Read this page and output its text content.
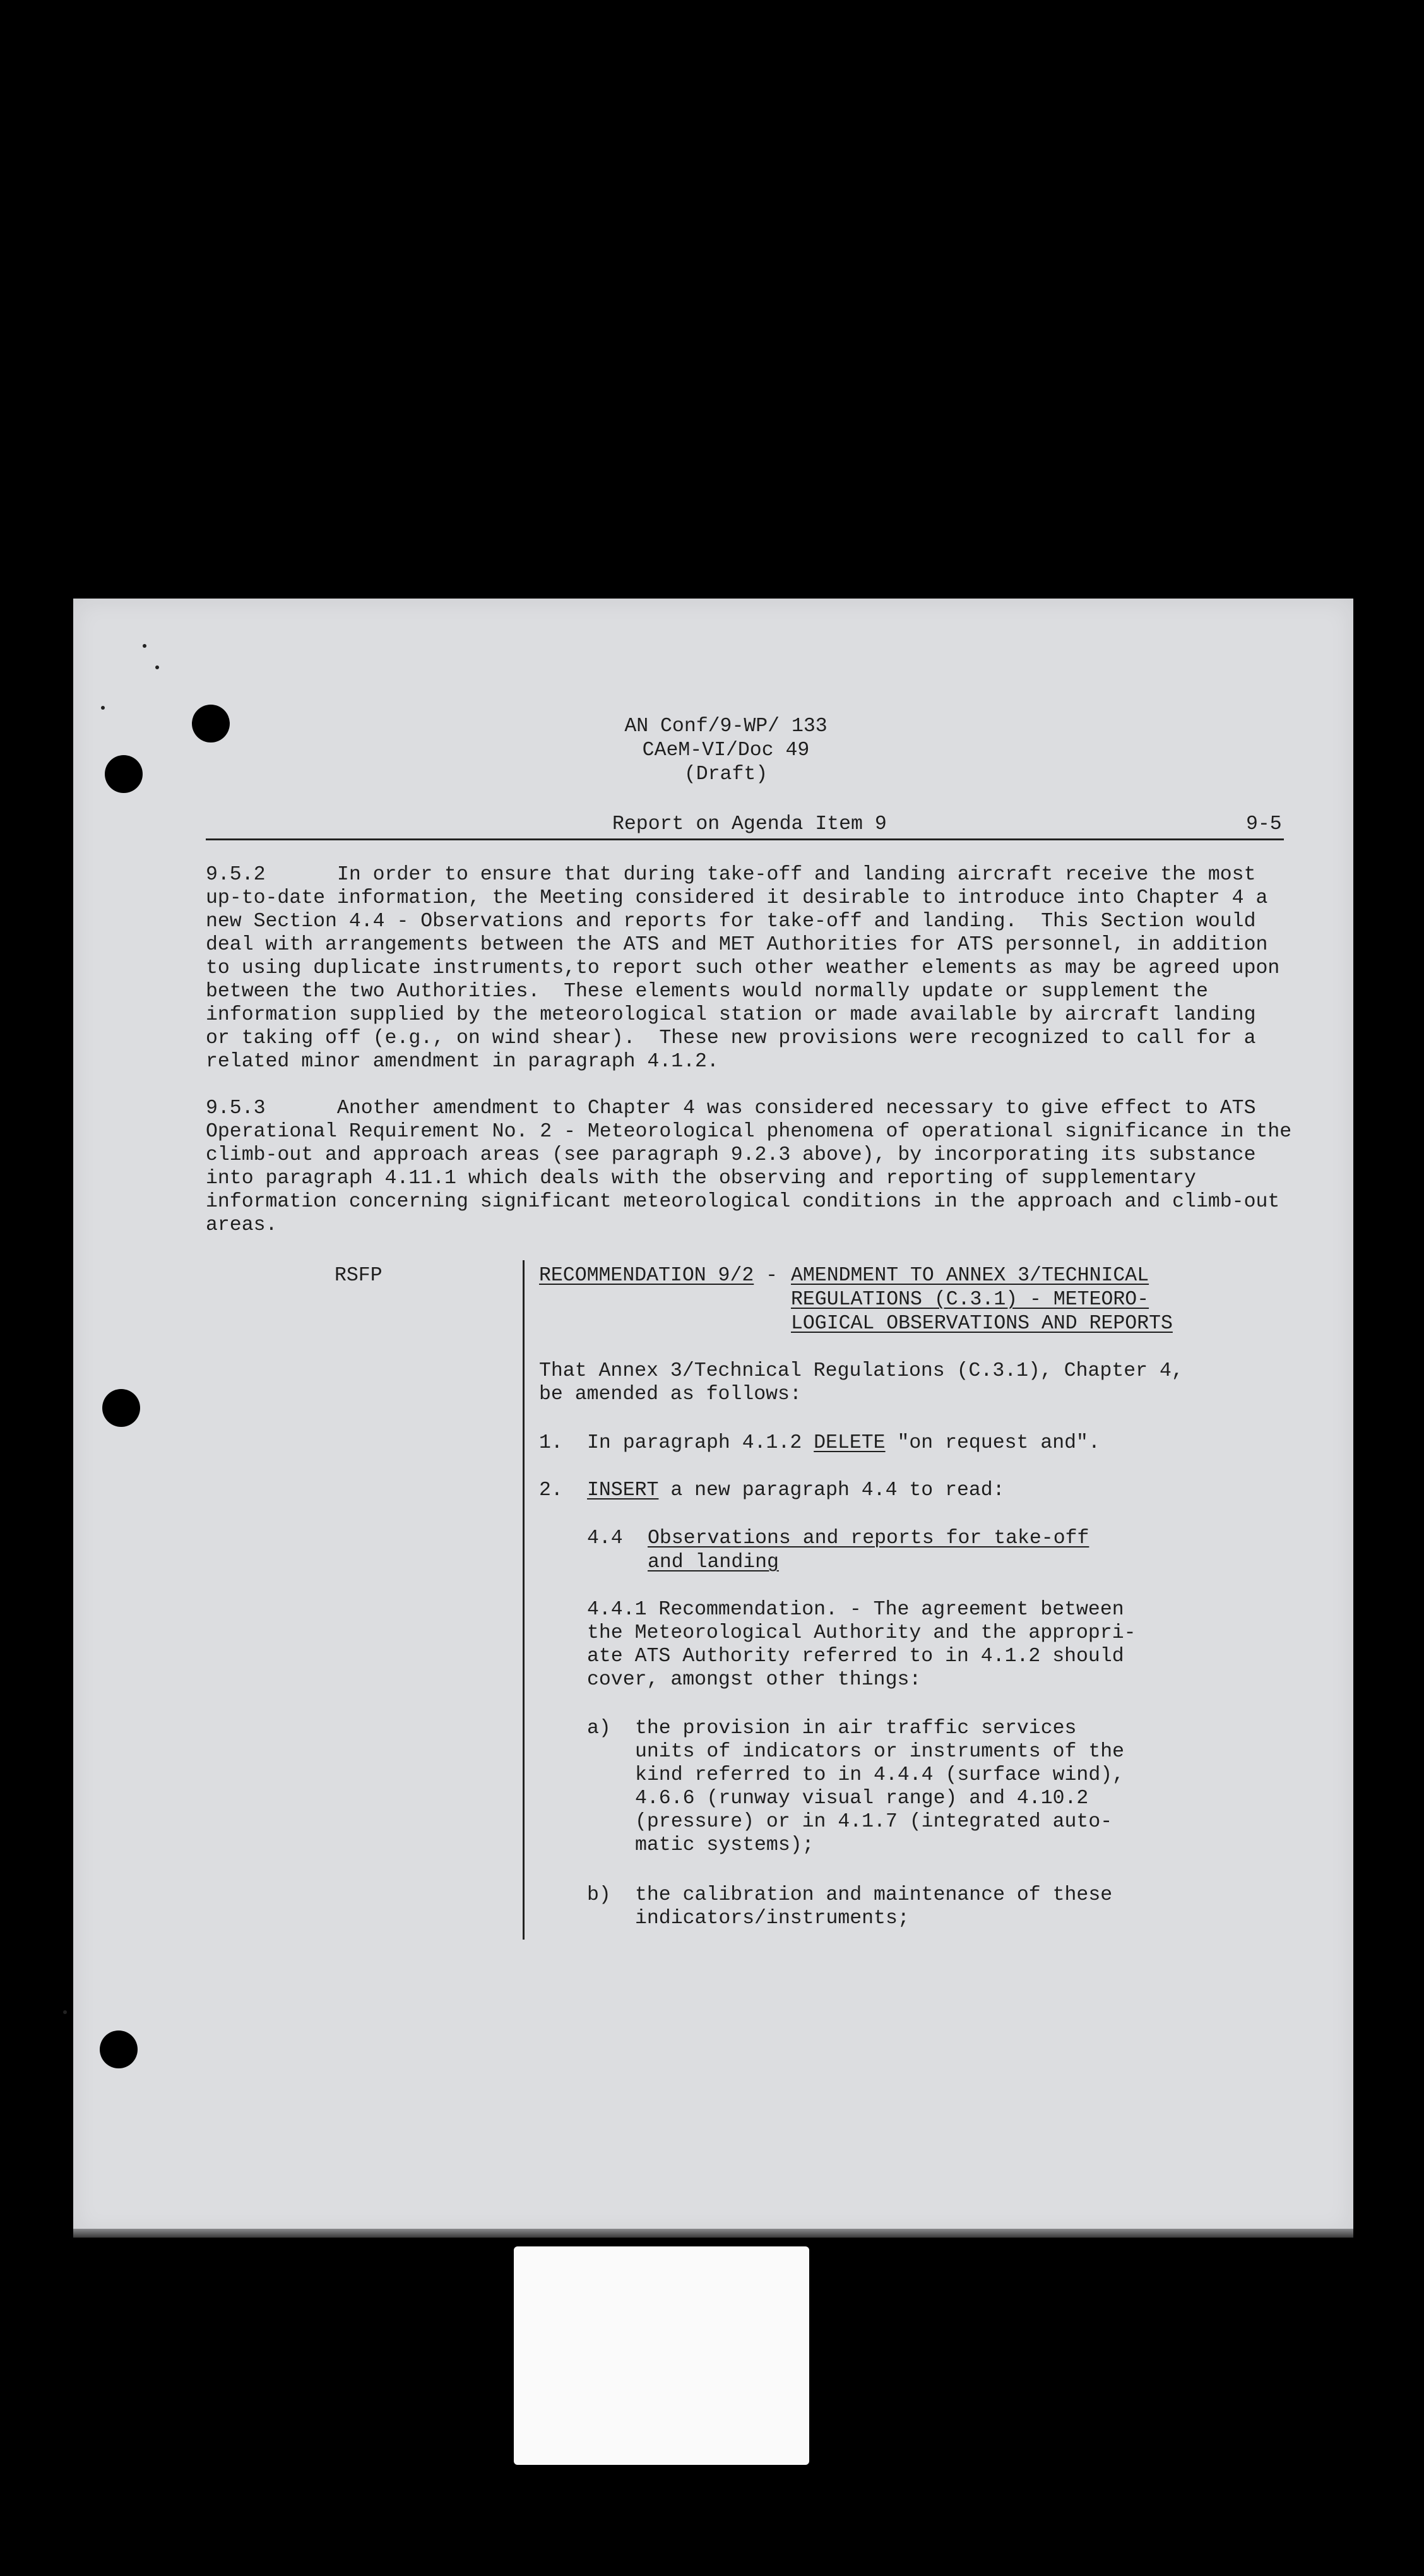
AN Conf/9-WP/ 133
CAeM-VI/Doc 49
(Draft)
Report on Agenda Item 9	9-5
9.5.2      In order to ensure that during take-off and landing aircraft receive the most
up-to-date information, the Meeting considered it desirable to introduce into Chapter 4 a
new Section 4.4 - Observations and reports for take-off and landing.  This Section would
deal with arrangements between the ATS and MET Authorities for ATS personnel, in addition
to using duplicate instruments,to report such other weather elements as may be agreed upon
between the two Authorities.  These elements would normally update or supplement the
information supplied by the meteorological station or made available by aircraft landing
or taking off (e.g., on wind shear).  These new provisions were recognized to call for a
related minor amendment in paragraph 4.1.2.
9.5.3      Another amendment to Chapter 4 was considered necessary to give effect to ATS
Operational Requirement No. 2 - Meteorological phenomena of operational significance in the
climb-out and approach areas (see paragraph 9.2.3 above), by incorporating its substance
into paragraph 4.11.1 which deals with the observing and reporting of supplementary
information concerning significant meteorological conditions in the approach and climb-out
areas.
RSFP	RECOMMENDATION 9/2 - AMENDMENT TO ANNEX 3/TECHNICAL
REGULATIONS (C.3.1) - METEORO-
LOGICAL OBSERVATIONS AND REPORTS
That Annex 3/Technical Regulations (C.3.1), Chapter 4,
be amended as follows:
1. In paragraph 4.1.2 DELETE "on request and".
2. INSERT a new paragraph 4.4 to read:
4.4 Observations and reports for take-off
and landing
4.4.1 Recommendation. - The agreement between
the Meteorological Authority and the appropri-
ate ATS Authority referred to in 4.1.2 should
cover, amongst other things:
a) the provision in air traffic services
units of indicators or instruments of the
kind referred to in 4.4.4 (surface wind),
4.6.6 (runway visual range) and 4.10.2
(pressure) or in 4.1.7 (integrated auto-
matic systems);
b) the calibration and maintenance of these
indicators/instruments;
